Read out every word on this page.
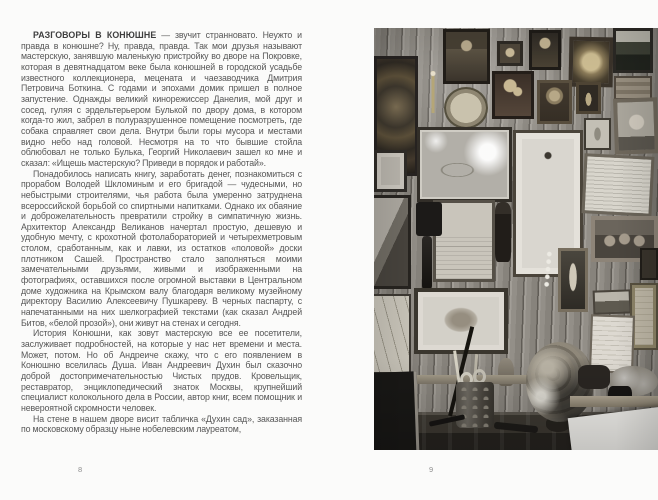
РАЗГОВОРЫ В КОНЮШНЕ — звучит странновато. Неужто и правда в конюшне? Ну, правда, правда. Так мои друзья называют мастерскую, занявшую маленькую пристройку во дворе на Покровке, которая в девятнадцатом веке была конюшней в городской усадьбе известного коллекционера, мецената и чаезаводчика Дмитрия Петровича Боткина. С годами и эпохами домик пришел в полное запустение. Однажды великий кинорежиссер Данелия, мой друг и сосед, гуляя с эрдельтерьером Булькой по двору дома, в котором когда-то жил, забрел в полуразрушенное помещение посмотреть, где собака справляет свои дела. Внутри были горы мусора и местами видно небо над головой. Несмотря на то что бывшие стойла облюбовал не только Булька, Георгий Николаевич зашел ко мне и сказал: «Ищешь мастерскую? Приведи в порядок и работай».

Понадобилось написать книгу, заработать денег, познакомиться с прорабом Володей Шкломиным и его бригадой — чудесными, но небыстрыми строителями, чья работа была умеренно затруднена всероссийской борьбой со спиртными напитками. Однако их обаяние и доброжелательность превратили стройку в симпатичную жизнь. Архитектор Александр Великанов начертал простую, дешевую и удобную мечту, с крохотной фотолабораторией и четырехметровым столом, сработанным, как и лавки, из остатков «половой» доски плотником Сашей. Пространство стало заполняться моими замечательными друзьями, живыми и изображенными на фотографиях, оставшихся после огромной выставки в Центральном доме художника на Крымском валу благодаря великому музейному директору Василию Алексеевичу Пушкареву. В черных паспарту, с напечатанными на них шелкографией текстами (как сказал Андрей Битов, «белой прозой»), они живут на стенах и сегодня.

История Конюшни, как зовут мастерскую все ее посетители, заслуживает подробностей, на которые у нас нет времени и места. Может, потом. Но об Андреиче скажу, что с его появлением в Конюшню вселилась Душа. Иван Андреевич Духин был сказочно доброй достопримечательностью Чистых прудов. Кровельщик, реставратор, энциклопедический знаток Москвы, крупнейший специалист колокольного дела в России, автор книг, всем помощник и невероятной скромности человек.

На стене в нашем дворе висит табличка «Духин сад», заказанная по московскому образцу ныне нобелевским лауреатом,

8	9
